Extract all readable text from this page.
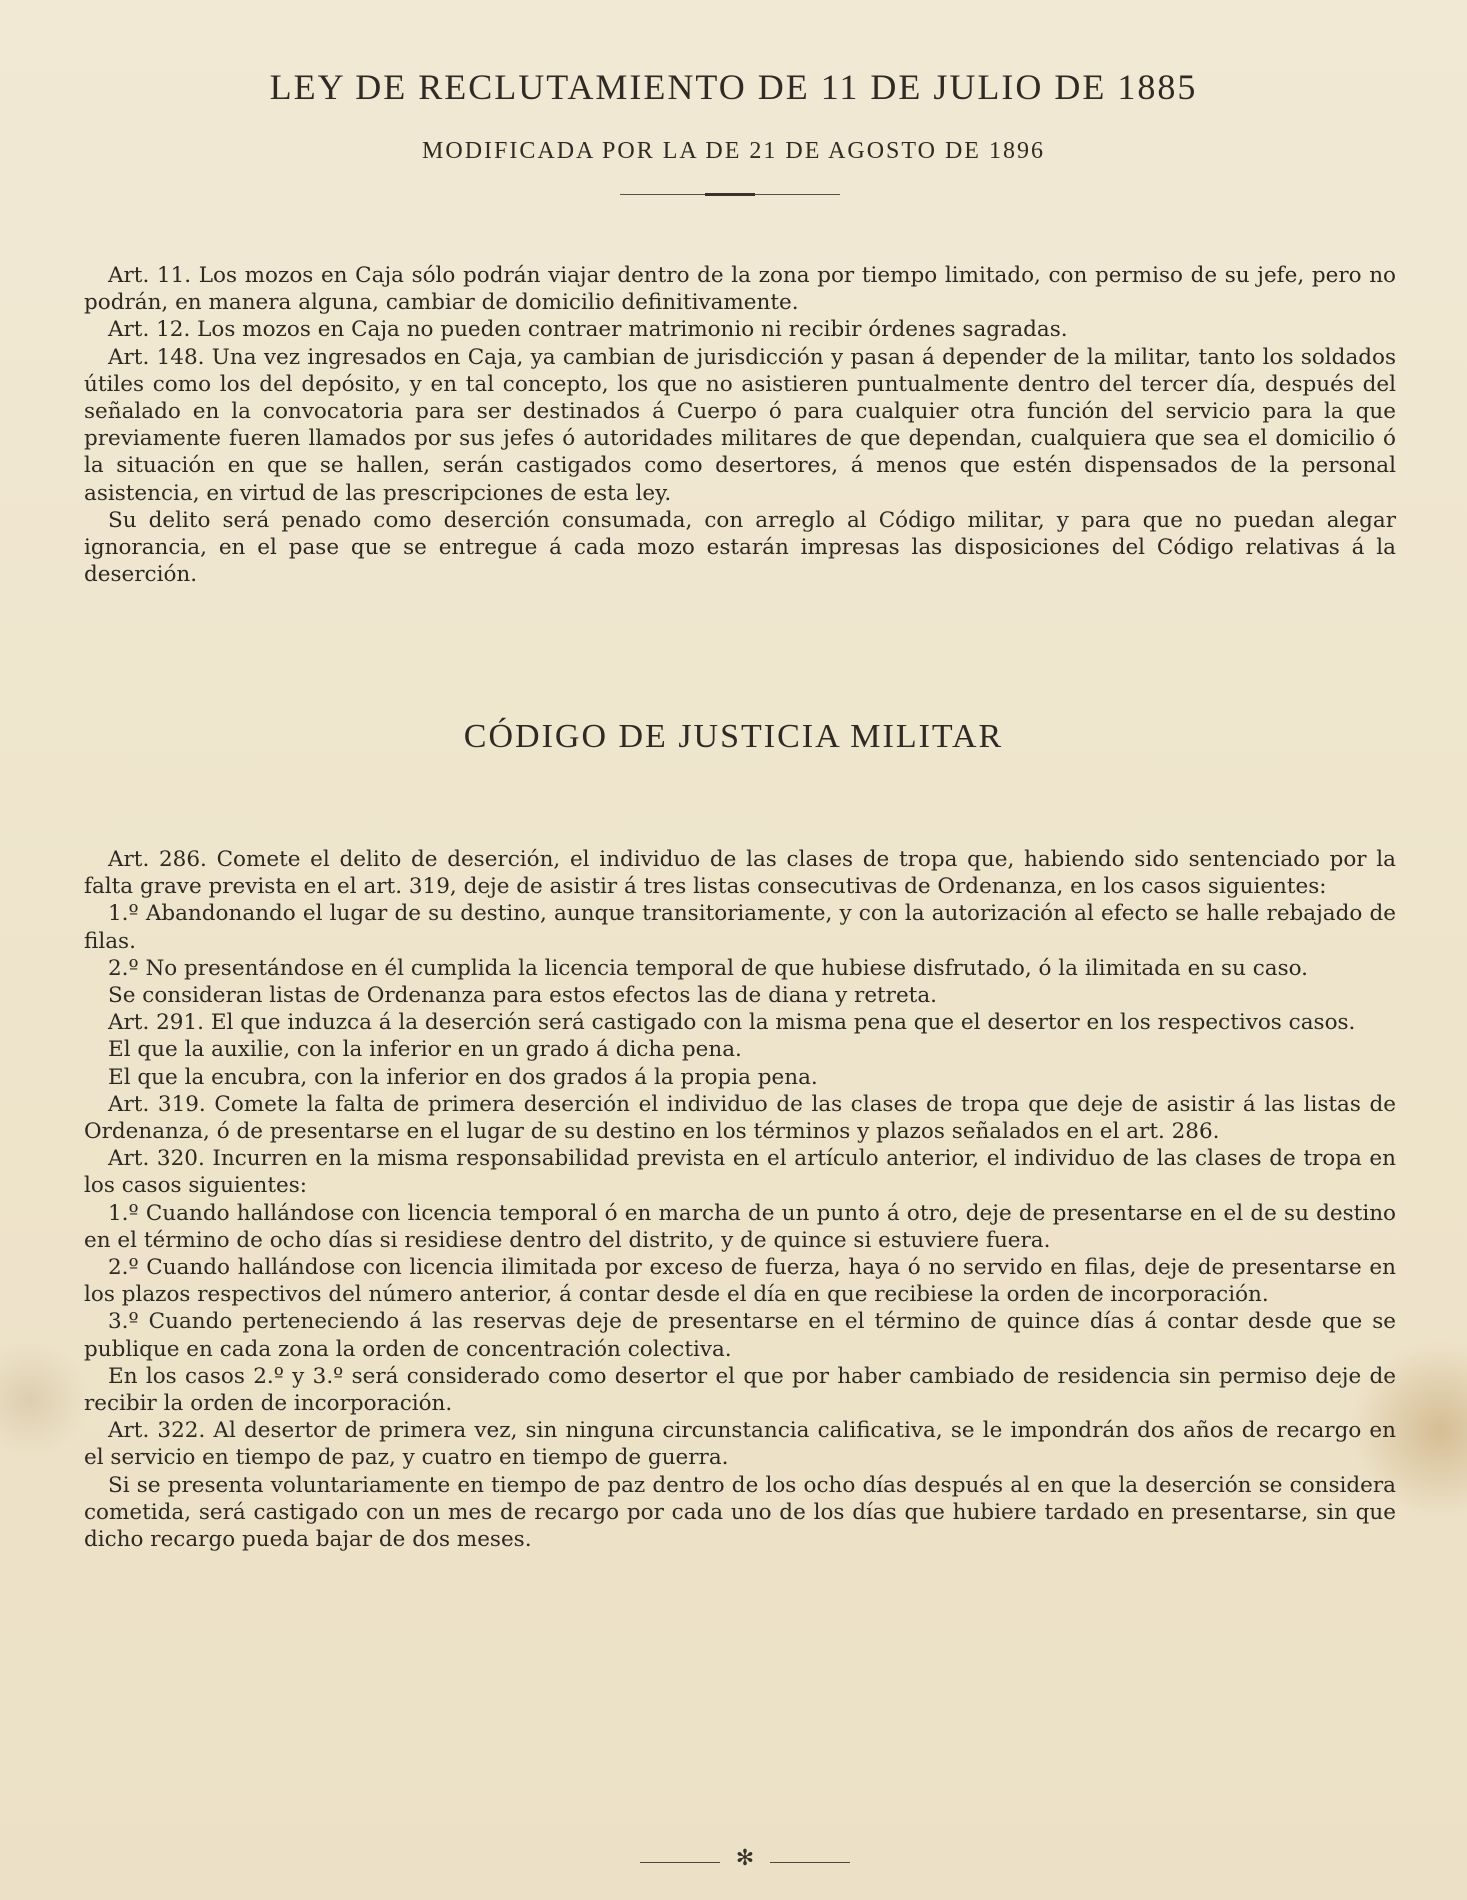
LEY DE RECLUTAMIENTO DE 11 DE JULIO DE 1885
MODIFICADA POR LA DE 21 DE AGOSTO DE 1896

Art. 11. Los mozos en Caja sólo podrán viajar dentro de la zona por tiempo limitado, con permiso de su jefe, pero no podrán, en manera alguna, cambiar de domicilio definitivamente.

Art. 12. Los mozos en Caja no pueden contraer matrimonio ni recibir órdenes sagradas.

Art. 148. Una vez ingresados en Caja, ya cambian de jurisdicción y pasan á depender de la militar, tanto los soldados útiles como los del depósito, y en tal concepto, los que no asistieren puntualmente dentro del tercer día, después del señalado en la convocatoria para ser destinados á Cuerpo ó para cualquier otra función del servicio para la que previamente fueren llamados por sus jefes ó autoridades militares de que dependan, cualquiera que sea el domicilio ó la situación en que se hallen, serán castigados como desertores, á menos que estén dispensados de la personal asistencia, en virtud de las prescripciones de esta ley.

Su delito será penado como deserción consumada, con arreglo al Código militar, y para que no puedan alegar ignorancia, en el pase que se entregue á cada mozo estarán impresas las disposiciones del Código relativas á la deserción.

CÓDIGO DE JUSTICIA MILITAR

Art. 286. Comete el delito de deserción, el individuo de las clases de tropa que, habiendo sido sentenciado por la falta grave prevista en el art. 319, deje de asistir á tres listas consecutivas de Ordenanza, en los casos siguientes:

1.º Abandonando el lugar de su destino, aunque transitoriamente, y con la autorización al efecto se halle rebajado de filas.

2.º No presentándose en él cumplida la licencia temporal de que hubiese disfrutado, ó la ilimitada en su caso.

Se consideran listas de Ordenanza para estos efectos las de diana y retreta.

Art. 291. El que induzca á la deserción será castigado con la misma pena que el desertor en los respectivos casos.

El que la auxilie, con la inferior en un grado á dicha pena.

El que la encubra, con la inferior en dos grados á la propia pena.

Art. 319. Comete la falta de primera deserción el individuo de las clases de tropa que deje de asistir á las listas de Ordenanza, ó de presentarse en el lugar de su destino en los términos y plazos señalados en el art. 286.

Art. 320. Incurren en la misma responsabilidad prevista en el artículo anterior, el individuo de las clases de tropa en los casos siguientes:

1.º Cuando hallándose con licencia temporal ó en marcha de un punto á otro, deje de presentarse en el de su destino en el término de ocho días si residiese dentro del distrito, y de quince si estuviere fuera.

2.º Cuando hallándose con licencia ilimitada por exceso de fuerza, haya ó no servido en filas, deje de presentarse en los plazos respectivos del número anterior, á contar desde el día en que recibiese la orden de incorporación.

3.º Cuando perteneciendo á las reservas deje de presentarse en el término de quince días á contar desde que se publique en cada zona la orden de concentración colectiva.

En los casos 2.º y 3.º será considerado como desertor el que por haber cambiado de residencia sin permiso deje de recibir la orden de incorporación.

Art. 322. Al desertor de primera vez, sin ninguna circunstancia calificativa, se le impondrán dos años de recargo en el servicio en tiempo de paz, y cuatro en tiempo de guerra.

Si se presenta voluntariamente en tiempo de paz dentro de los ocho días después al en que la deserción se considera cometida, será castigado con un mes de recargo por cada uno de los días que hubiere tardado en presentarse, sin que dicho recargo pueda bajar de dos meses.

✻
